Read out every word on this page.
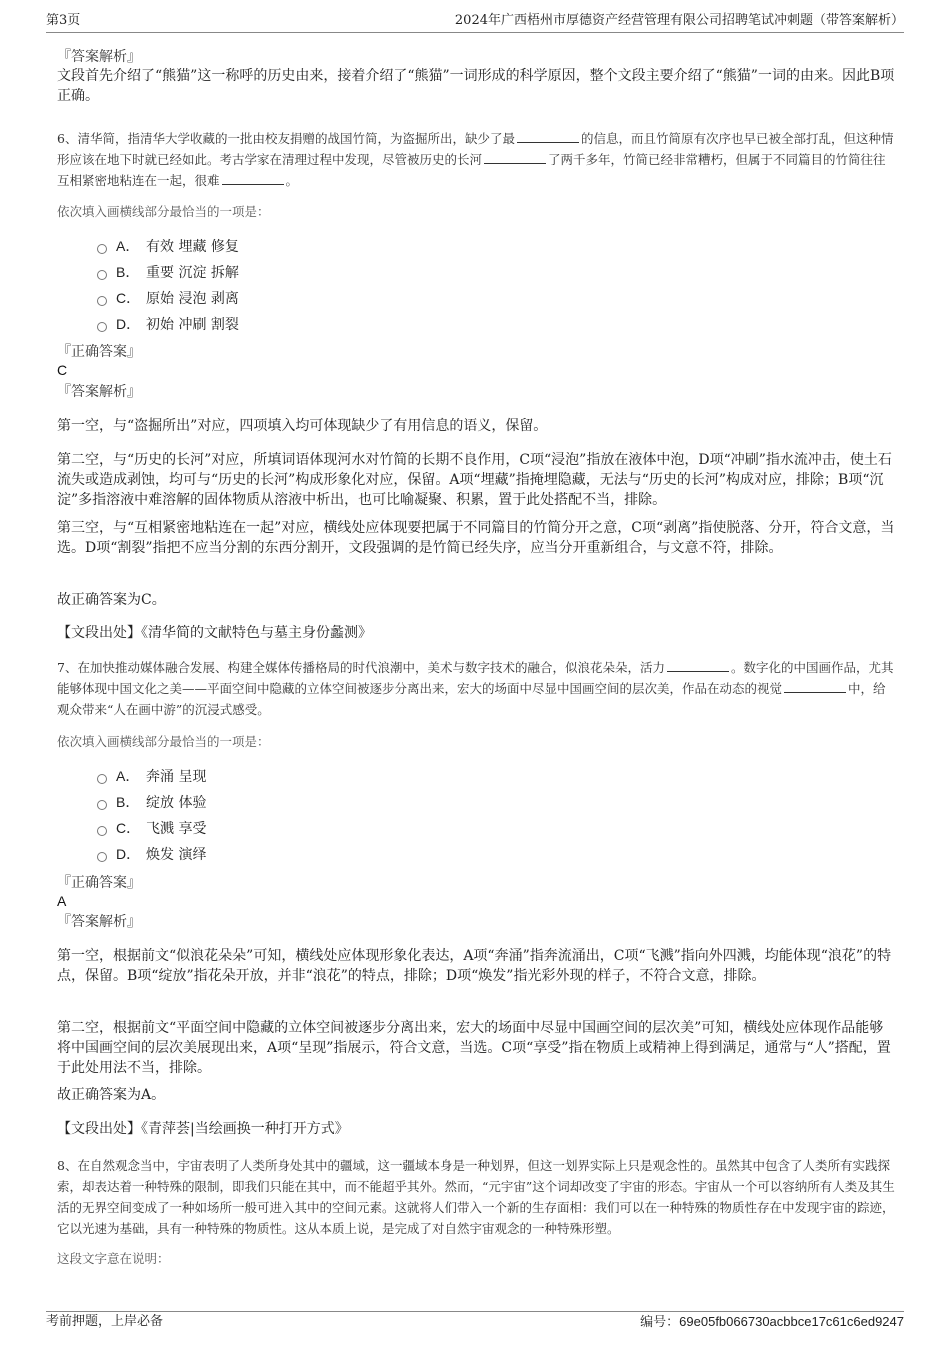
第3页	2024年广西梧州市厚德资产经营管理有限公司招聘笔试冲刺题（带答案解析）
『答案解析』
文段首先介绍了“熊猫”这一称呼的历史由来，接着介绍了“熊猫”一词形成的科学原因，整个文段主要介绍了“熊猫”一词的由来。因此B项正确。
6、清华简，指清华大学收藏的一批由校友捐赠的战国竹简，为盗掘所出，缺少了最	的信息，而且竹简原有次序也早已被全部打乱，但这种情形应该在地下时就已经如此。考古学家在清理过程中发现，尽管被历史的长河	了两千多年，竹简已经非常糟朽，但属于不同篇目的竹简往往互相紧密地粘连在一起，很难	。
依次填入画横线部分最恰当的一项是：
A． 有效 埋藏 修复
B． 重要 沉淀 拆解
C． 原始 浸泡 剥离
D． 初始 冲刷 割裂
『正确答案』
C
『答案解析』
第一空，与“盗掘所出”对应，四项填入均可体现缺少了有用信息的语义，保留。
第二空，与“历史的长河”对应，所填词语体现河水对竹简的长期不良作用，C项“浸泡”指放在液体中泡，D项“冲刷”指水流冲击，使土石流失或造成剥蚀，均可与“历史的长河”构成形象化对应，保留。A项“埋藏”指掩埋隐藏，无法与“历史的长河”构成对应，排除；B项“沉淀”多指溶液中难溶解的固体物质从溶液中析出，也可比喻凝聚、积累，置于此处搭配不当，排除。
第三空，与“互相紧密地粘连在一起”对应，横线处应体现要把属于不同篇目的竹简分开之意，C项“剥离”指使脱落、分开，符合文意，当选。D项“割裂”指把不应当分割的东西分割开，文段强调的是竹简已经失序，应当分开重新组合，与文意不符，排除。
故正确答案为C。
【文段出处】《清华简的文献特色与墓主身份蠡测》
7、在加快推动媒体融合发展、构建全媒体传播格局的时代浪潮中，美术与数字技术的融合，似浪花朵朵，活力	。数字化的中国画作品，尤其能够体现中国文化之美——平面空间中隐藏的立体空间被逐步分离出来，宏大的场面中尽显中国画空间的层次美，作品在动态的视觉	中，给观众带来“人在画中游”的沉浸式感受。
依次填入画横线部分最恰当的一项是：
A． 奔涌 呈现
B． 绽放 体验
C． 飞溅 享受
D． 焕发 演绎
『正确答案』
A
『答案解析』
第一空，根据前文“似浪花朵朵”可知，横线处应体现形象化表达，A项“奔涌”指奔流涌出，C项“飞溅”指向外四溅，均能体现“浪花”的特点，保留。B项“绽放”指花朵开放，并非“浪花”的特点，排除；D项“焕发”指光彩外现的样子，不符合文意，排除。
第二空，根据前文“平面空间中隐藏的立体空间被逐步分离出来，宏大的场面中尽显中国画空间的层次美”可知，横线处应体现作品能够将中国画空间的层次美展现出来，A项“呈现”指展示，符合文意，当选。C项“享受”指在物质上或精神上得到满足，通常与“人”搭配，置于此处用法不当，排除。
故正确答案为A。
【文段出处】《青萍荟|当绘画换一种打开方式》
8、在自然观念当中，宇宙表明了人类所身处其中的疆域，这一疆域本身是一种划界，但这一划界实际上只是观念性的。虽然其中包含了人类所有实践探索，却表达着一种特殊的限制，即我们只能在其中，而不能超乎其外。然而，“元宇宙”这个词却改变了宇宙的形态。宇宙从一个可以容纳所有人类及其生活的无界空间变成了一种如场所一般可进入其中的空间元素。这就将人们带入一个新的生存面相：我们可以在一种特殊的物质性存在中发现宇宙的踪迹，它以光速为基础，具有一种特殊的物质性。这从本质上说，是完成了对自然宇宙观念的一种特殊形塑。
这段文字意在说明：
考前押题，上岸必备	编号：69e05fb066730acbbce17c61c6ed9247
